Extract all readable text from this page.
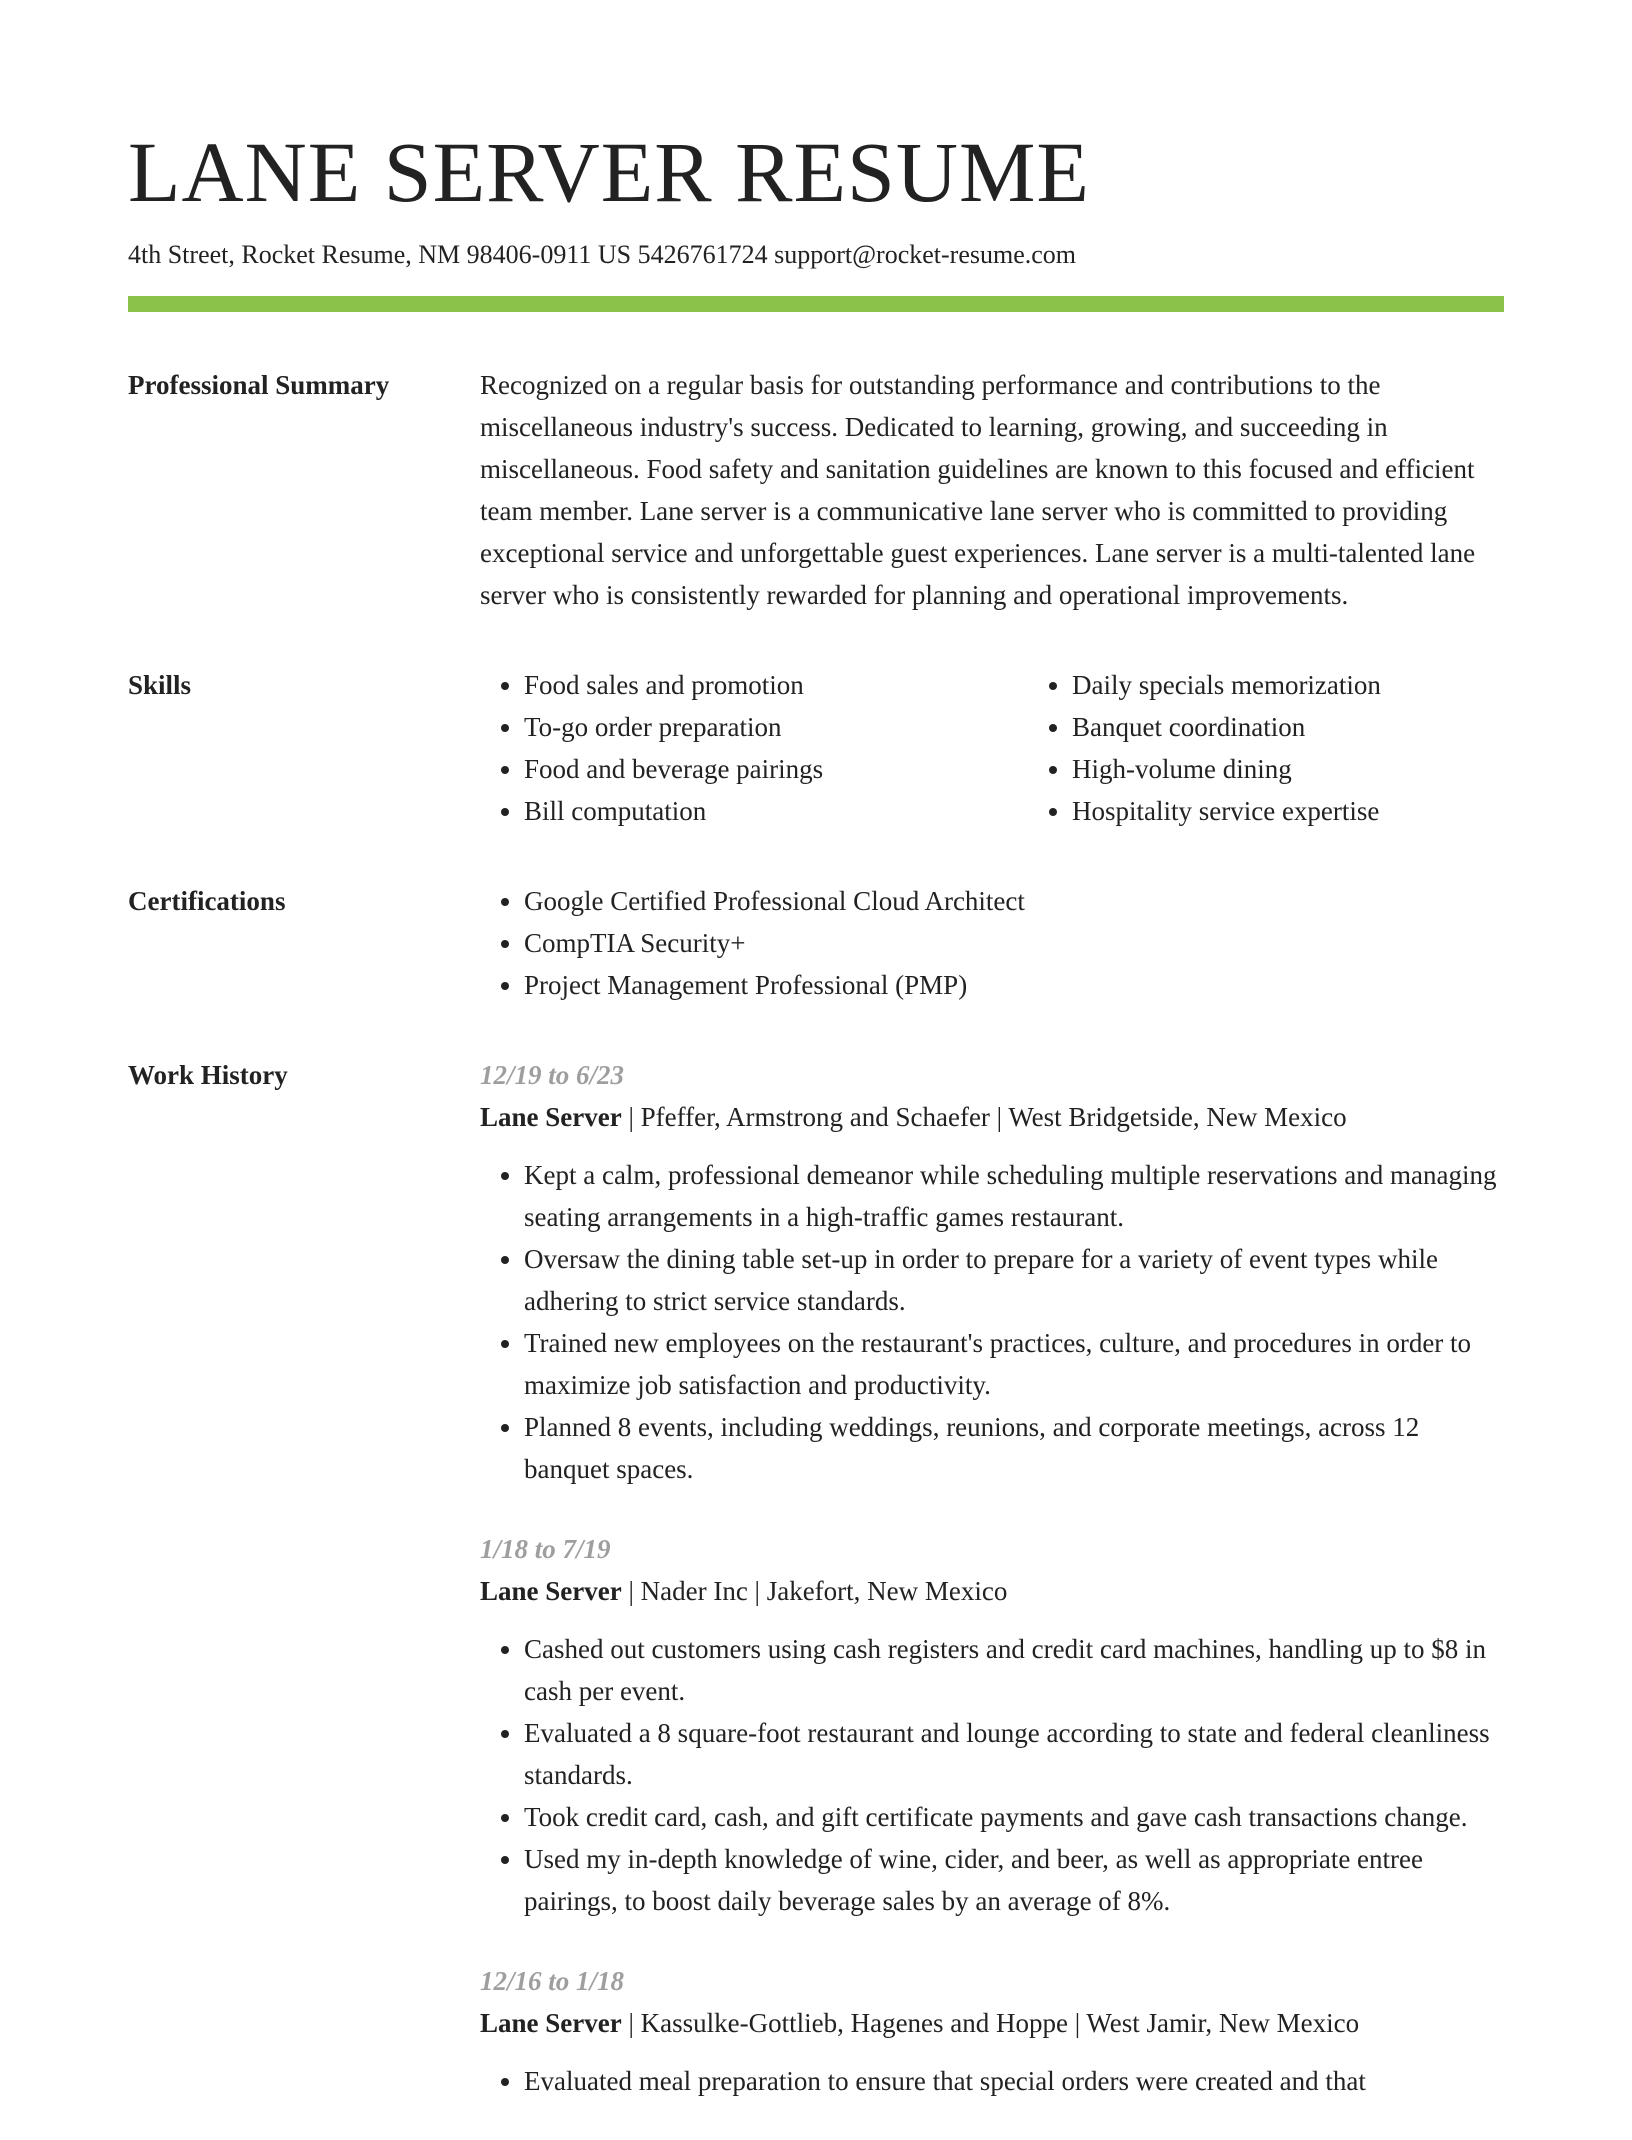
LANE SERVER RESUME
4th Street, Rocket Resume, NM 98406-0911 US 5426761724 support@rocket-resume.com
Professional Summary	Recognized on a regular basis for outstanding performance and contributions to the miscellaneous industry's success. Dedicated to learning, growing, and succeeding in miscellaneous. Food safety and sanitation guidelines are known to this focused and efficient team member. Lane server is a communicative lane server who is committed to providing exceptional service and unforgettable guest experiences. Lane server is a multi-talented lane server who is consistently rewarded for planning and operational improvements.

Skills	• Food sales and promotion
• To-go order preparation
• Food and beverage pairings
• Bill computation
• Daily specials memorization
• Banquet coordination
• High-volume dining
• Hospitality service expertise
Certifications	• Google Certified Professional Cloud Architect
• CompTIA Security+
• Project Management Professional (PMP)
Work History	12/19 to 6/23
Lane Server | Pfeffer, Armstrong and Schaefer | West Bridgetside, New Mexico
• Kept a calm, professional demeanor while scheduling multiple reservations and managing seating arrangements in a high-traffic games restaurant.
• Oversaw the dining table set-up in order to prepare for a variety of event types while adhering to strict service standards.
• Trained new employees on the restaurant's practices, culture, and procedures in order to maximize job satisfaction and productivity.
• Planned 8 events, including weddings, reunions, and corporate meetings, across 12 banquet spaces.
1/18 to 7/19
Lane Server | Nader Inc | Jakefort, New Mexico
• Cashed out customers using cash registers and credit card machines, handling up to $8 in cash per event.
• Evaluated a 8 square-foot restaurant and lounge according to state and federal cleanliness standards.
• Took credit card, cash, and gift certificate payments and gave cash transactions change.
• Used my in-depth knowledge of wine, cider, and beer, as well as appropriate entree pairings, to boost daily beverage sales by an average of 8%.
12/16 to 1/18
Lane Server | Kassulke-Gottlieb, Hagenes and Hoppe | West Jamir, New Mexico
• Evaluated meal preparation to ensure that special orders were created and that
